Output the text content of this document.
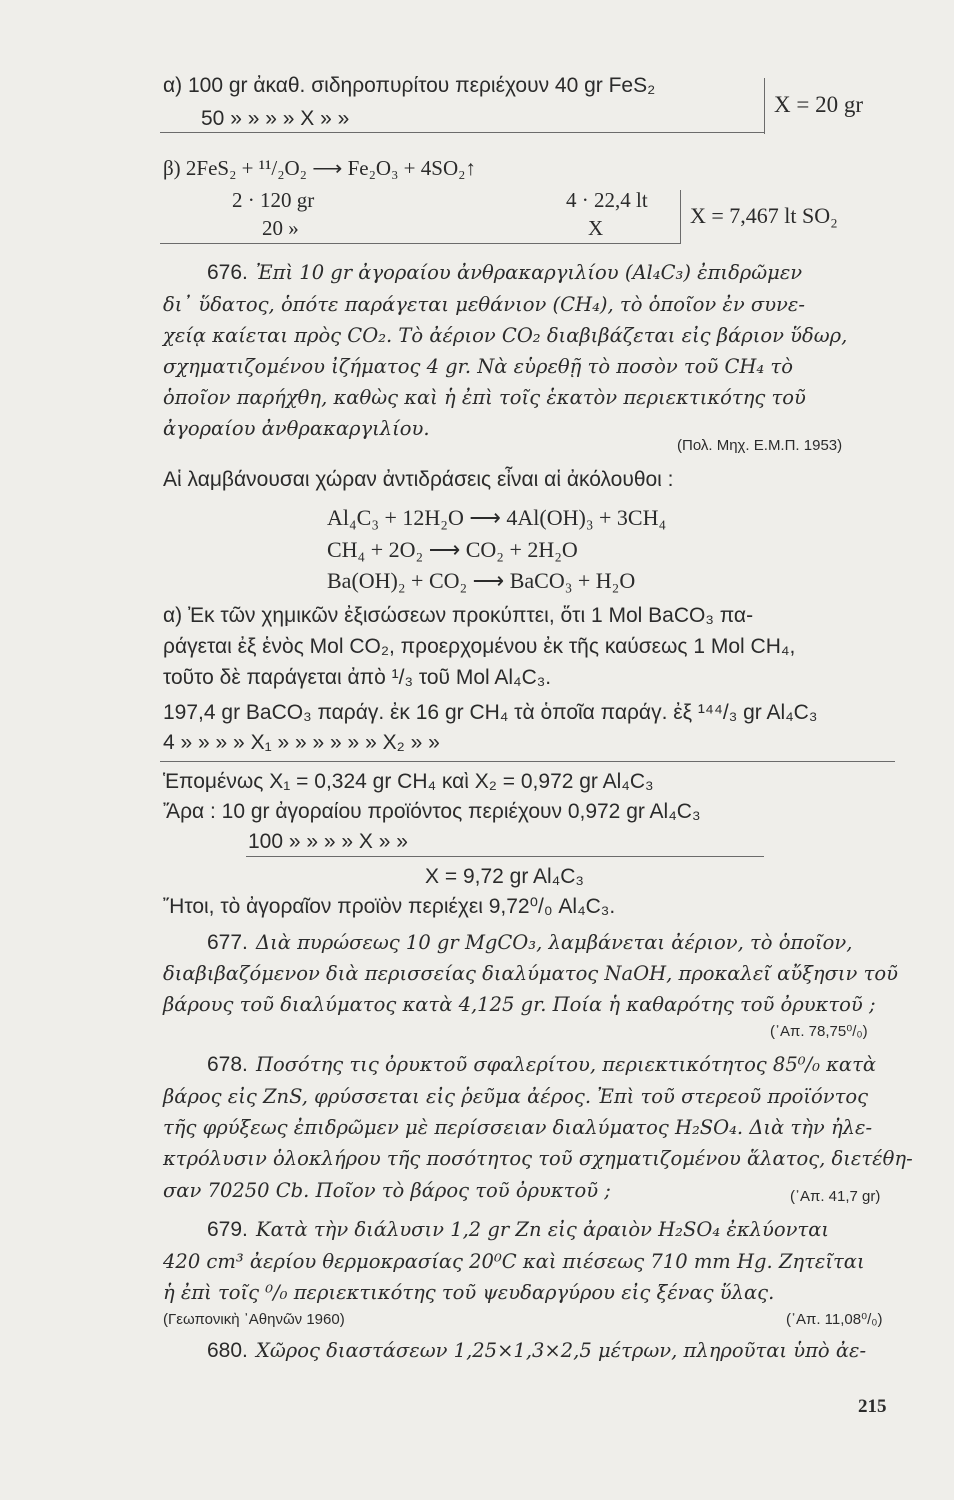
α) 100 gr ἀκαθ. σιδηροπυρίτου περιέχουν 40 gr FeS₂
50 » » » » X » »
X = 20 gr
β) 2FeS₂ + ¹¹/₂O₂ ⟶ Fe₂O₃ + 4SO₂↑
2 · 120 gr	4 · 22,4 lt
20 »	X	X = 7,467 lt SO₂
676. Ἐπὶ 10 gr ἀγοραίου ἀνθρακαργιλίου (Al₄C₃) ἐπιδρῶμεν
δι᾿ ὕδατος, ὁπότε παράγεται μεθάνιον (CH₄), τὸ ὁποῖον ἐν συνε-
χείᾳ καίεται πρὸς CO₂. Τὸ ἀέριον CO₂ διαβιβάζεται εἰς βάριον ὕδωρ,
σχηματιζομένου ἰζήματος 4 gr. Νὰ εὑρεθῇ τὸ ποσὸν τοῦ CH₄ τὸ
ὁποῖον παρήχθη, καθὼς καὶ ἡ ἐπὶ τοῖς ἑκατὸν περιεκτικότης τοῦ
ἀγοραίου ἀνθρακαργιλίου.
(Πολ. Μηχ. Ε.Μ.Π. 1953)
Αἱ λαμβάνουσαι χώραν ἀντιδράσεις εἶναι αἱ ἀκόλουθοι :
Al₄C₃ + 12H₂O ⟶ 4Al(OH)₃ + 3CH₄
CH₄ + 2O₂ ⟶ CO₂ + 2H₂O
Ba(OH)₂ + CO₂ ⟶ BaCO₃ + H₂O
α) Ἐκ τῶν χημικῶν ἐξισώσεων προκύπτει, ὅτι 1 Mol BaCO₃ πα-
ράγεται ἐξ ἑνὸς Mol CO₂, προερχομένου ἐκ τῆς καύσεως 1 Mol CH₄,
τοῦτο δὲ παράγεται ἀπὸ ¹/₃ τοῦ Mol Al₄C₃.
197,4 gr BaCO₃ παράγ. ἐκ 16 gr CH₄ τὰ ὁποῖα παράγ. ἐξ ¹⁴⁴/₃ gr Al₄C₃
4 » » » » X₁ » » » » » » X₂ » »
Ἑπομένως X₁ = 0,324 gr CH₄ καὶ X₂ = 0,972 gr Al₄C₃
Ἄρα : 10 gr ἀγοραίου προϊόντος περιέχουν 0,972 gr Al₄C₃
100 » » » » X » »
X = 9,72 gr Al₄C₃
Ἤτοι, τὸ ἀγοραῖον προϊὸν περιέχει 9,72⁰/₀ Al₄C₃.
677. Διὰ πυρώσεως 10 gr MgCO₃, λαμβάνεται ἀέριον, τὸ ὁποῖον,
διαβιβαζόμενον διὰ περισσείας διαλύματος NaOH, προκαλεῖ αὔξησιν τοῦ
βάρους τοῦ διαλύματος κατὰ 4,125 gr. Ποία ἡ καθαρότης τοῦ ὀρυκτοῦ ;
(᾿Απ. 78,75⁰/₀)
678. Ποσότης τις ὀρυκτοῦ σφαλερίτου, περιεκτικότητος 85⁰/₀ κατὰ
βάρος εἰς ZnS, φρύσσεται εἰς ῥεῦμα ἀέρος. Ἐπὶ τοῦ στερεοῦ προϊόντος
τῆς φρύξεως ἐπιδρῶμεν μὲ περίσσειαν διαλύματος H₂SO₄. Διὰ τὴν ἠλε-
κτρόλυσιν ὁλοκλήρου τῆς ποσότητος τοῦ σχηματιζομένου ἅλατος, διετέθη-
σαν 70250 Cb. Ποῖον τὸ βάρος τοῦ ὀρυκτοῦ ;	(᾿Απ. 41,7 gr)
679. Κατὰ τὴν διάλυσιν 1,2 gr Zn εἰς ἀραιὸν H₂SO₄ ἐκλύονται
420 cm³ ἀερίου θερμοκρασίας 20⁰C καὶ πιέσεως 710 mm Hg. Ζητεῖται
ἡ ἐπὶ τοῖς ⁰/₀ περιεκτικότης τοῦ ψευδαργύρου εἰς ξένας ὕλας.
(Γεωπονικὴ ᾿Αθηνῶν 1960)	(᾿Απ. 11,08⁰/₀)
680. Χῶρος διαστάσεων 1,25×1,3×2,5 μέτρων, πληροῦται ὑπὸ ἀε-
215
